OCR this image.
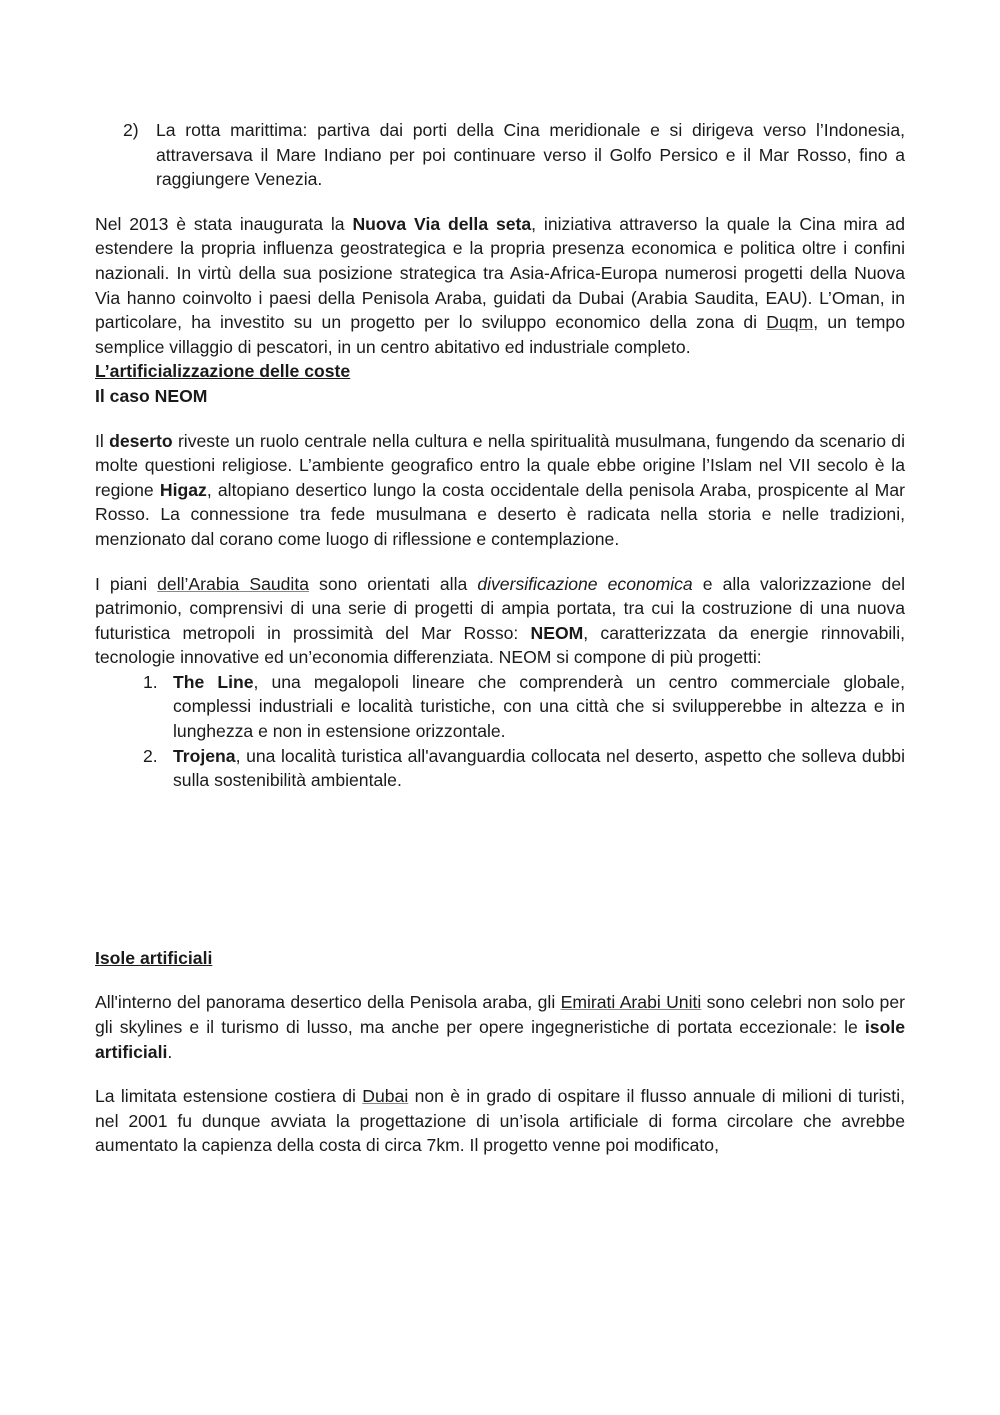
2) La rotta marittima: partiva dai porti della Cina meridionale e si dirigeva verso l’Indonesia, attraversava il Mare Indiano per poi continuare verso il Golfo Persico e il Mar Rosso, fino a raggiungere Venezia.

Nel 2013 è stata inaugurata la Nuova Via della seta, iniziativa attraverso la quale la Cina mira ad estendere la propria influenza geostrategica e la propria presenza economica e politica oltre i confini nazionali. In virtù della sua posizione strategica tra Asia-Africa-Europa numerosi progetti della Nuova Via hanno coinvolto i paesi della Penisola Araba, guidati da Dubai (Arabia Saudita, EAU). L’Oman, in particolare, ha investito su un progetto per lo sviluppo economico della zona di Duqm, un tempo semplice villaggio di pescatori, in un centro abitativo ed industriale completo.

L’artificializzazione delle coste

Il caso NEOM

Il deserto riveste un ruolo centrale nella cultura e nella spiritualità musulmana, fungendo da scenario di molte questioni religiose. L’ambiente geografico entro la quale ebbe origine l’Islam nel VII secolo è la regione Higaz, altopiano desertico lungo la costa occidentale della penisola Araba, prospicente al Mar Rosso. La connessione tra fede musulmana e deserto è radicata nella storia e nelle tradizioni, menzionato dal corano come luogo di riflessione e contemplazione.

I piani dell’Arabia Saudita sono orientati alla diversificazione economica e alla valorizzazione del patrimonio, comprensivi di una serie di progetti di ampia portata, tra cui la costruzione di una nuova futuristica metropoli in prossimità del Mar Rosso: NEOM, caratterizzata da energie rinnovabili, tecnologie innovative ed un’economia differenziata. NEOM si compone di più progetti:

1. The Line, una megalopoli lineare che comprenderà un centro commerciale globale, complessi industriali e località turistiche, con una città che si svilupperebbe in altezza e in lunghezza e non in estensione orizzontale.
2. Trojena, una località turistica all'avanguardia collocata nel deserto, aspetto che solleva dubbi sulla sostenibilità ambientale.

Isole artificiali

All'interno del panorama desertico della Penisola araba, gli Emirati Arabi Uniti sono celebri non solo per gli skylines e il turismo di lusso, ma anche per opere ingegneristiche di portata eccezionale: le isole artificiali.

La limitata estensione costiera di Dubai non è in grado di ospitare il flusso annuale di milioni di turisti, nel 2001 fu dunque avviata la progettazione di un’isola artificiale di forma circolare che avrebbe aumentato la capienza della costa di circa 7km. Il progetto venne poi modificato,
